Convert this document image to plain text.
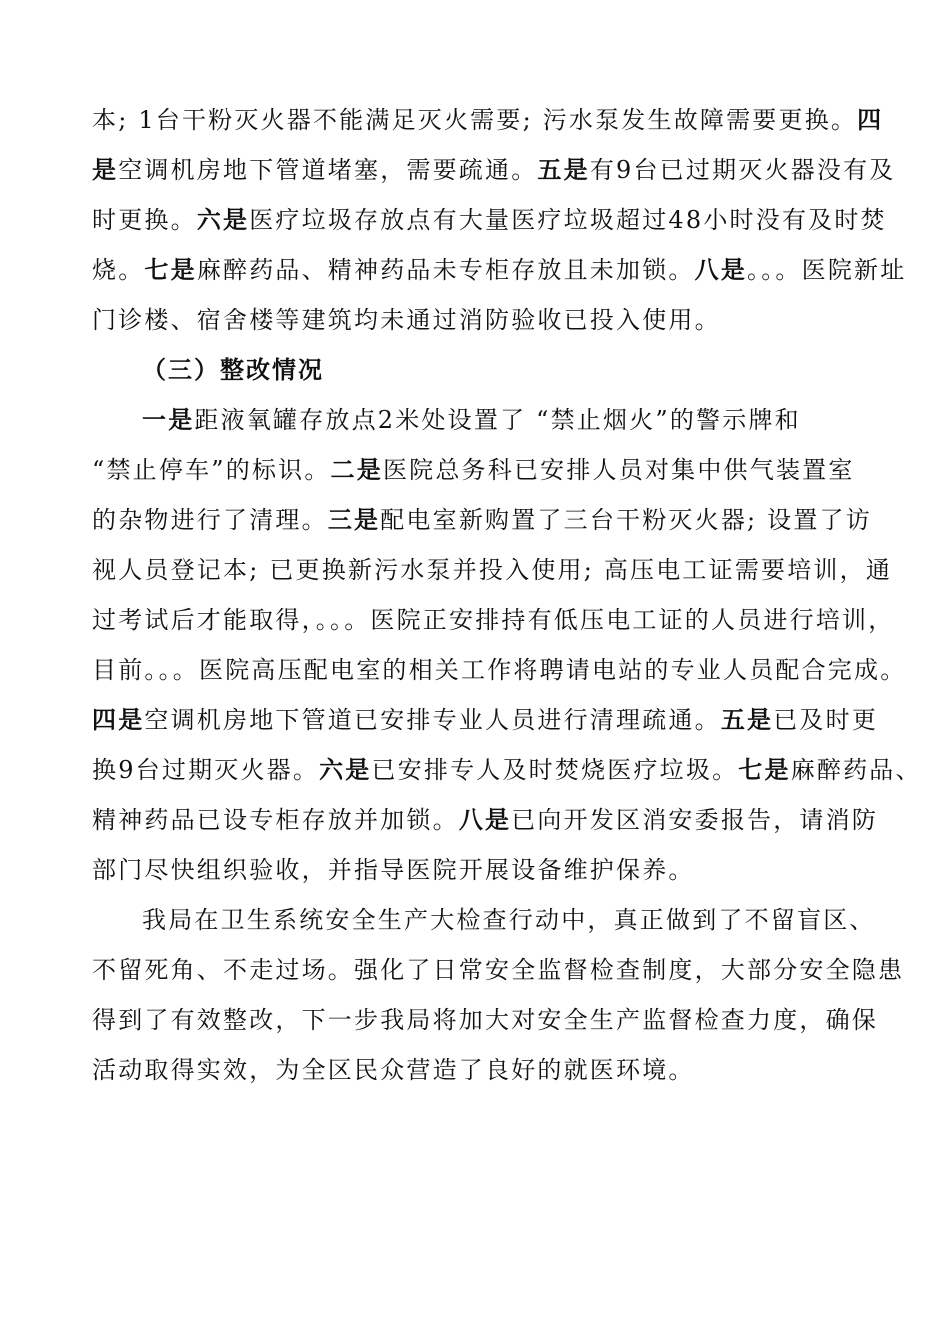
本; 1台干粉灭火器不能满足灭火需要; 污水泵发生故障需要更换。四
是空调机房地下管道堵塞，需要疏通。五是有9台已过期灭火器没有及
时更换。六是医疗垃圾存放点有大量医疗垃圾超过48小时没有及时焚
烧。七是麻醉药品、精神药品未专柜存放且未加锁。八是。。。医院新址
门诊楼、宿舍楼等建筑均未通过消防验收已投入使用。
（三）整改情况
一是距液氧罐存放点2米处设置了 “禁止烟火”的警示牌和
“禁止停车”的标识。二是医院总务科已安排人员对集中供气装置室
的杂物进行了清理。三是配电室新购置了三台干粉灭火器; 设置了访
视人员登记本; 已更换新污水泵并投入使用; 高压电工证需要培训，通
过考试后才能取得，。。。医院正安排持有低压电工证的人员进行培训，
目前。。。医院高压配电室的相关工作将聘请电站的专业人员配合完成。
四是空调机房地下管道已安排专业人员进行清理疏通。五是已及时更
换9台过期灭火器。六是已安排专人及时焚烧医疗垃圾。七是麻醉药品、
精神药品已设专柜存放并加锁。八是已向开发区消安委报告，请消防
部门尽快组织验收，并指导医院开展设备维护保养。
我局在卫生系统安全生产大检查行动中，真正做到了不留盲区、
不留死角、不走过场。强化了日常安全监督检查制度，大部分安全隐患
得到了有效整改，下一步我局将加大对安全生产监督检查力度，确保
活动取得实效，为全区民众营造了良好的就医环境。
